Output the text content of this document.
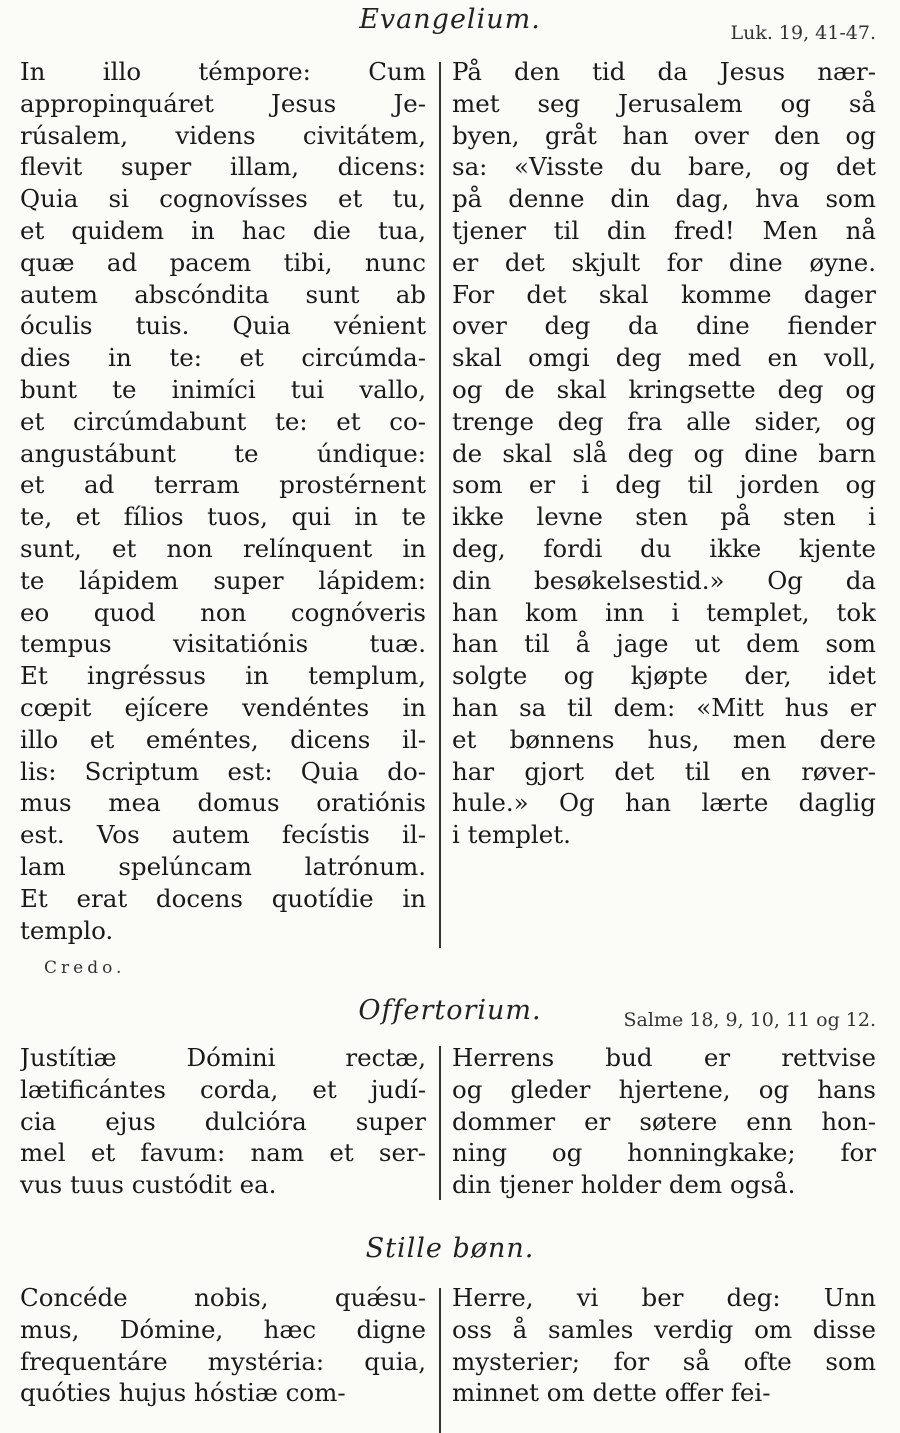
Evangelium.	Luk. 19, 41-47.
In illo témpore: Cum
appropinquáret Jesus Je-
rúsalem, videns civitátem,
flevit super illam, dicens:
Quia si cognovísses et tu,
et quidem in hac die tua,
quæ ad pacem tibi, nunc
autem abscóndita sunt ab
óculis tuis. Quia vénient
dies in te: et circúmda-
bunt te inimíci tui vallo,
et circúmdabunt te: et co-
angustábunt te úndique:
et ad terram prostérnent
te, et fílios tuos, qui in te
sunt, et non relínquent in
te lápidem super lápidem:
eo quod non cognóveris
tempus visitatiónis tuæ.
Et ingréssus in templum,
cœpit ejícere vendéntes in
illo et eméntes, dicens il-
lis: Scriptum est: Quia do-
mus mea domus oratiónis
est. Vos autem fecístis il-
lam spelúncam latrónum.
Et erat docens quotídie in
templo.
På den tid da Jesus nær-
met seg Jerusalem og så
byen, gråt han over den og
sa: «Visste du bare, og det
på denne din dag, hva som
tjener til din fred! Men nå
er det skjult for dine øyne.
For det skal komme dager
over deg da dine fiender
skal omgi deg med en voll,
og de skal kringsette deg og
trenge deg fra alle sider, og
de skal slå deg og dine barn
som er i deg til jorden og
ikke levne sten på sten i
deg, fordi du ikke kjente
din besøkelsestid.» Og da
han kom inn i templet, tok
han til å jage ut dem som
solgte og kjøpte der, idet
han sa til dem: «Mitt hus er
et bønnens hus, men dere
har gjort det til en røver-
hule.» Og han lærte daglig
i templet.
Credo.
Offertorium.	Salme 18, 9, 10, 11 og 12.
Justítiæ Dómini rectæ,
lætificántes corda, et judí-
cia ejus dulcióra super
mel et favum: nam et ser-
vus tuus custódit ea.
Herrens bud er rettvise
og gleder hjertene, og hans
dommer er søtere enn hon-
ning og honningkake; for
din tjener holder dem også.
Stille bønn.
Concéde nobis, quǽsu-
mus, Dómine, hæc digne
frequentáre mystéria: quia,
quóties hujus hóstiæ com-
Herre, vi ber deg: Unn
oss å samles verdig om disse
mysterier; for så ofte som
minnet om dette offer fei-
